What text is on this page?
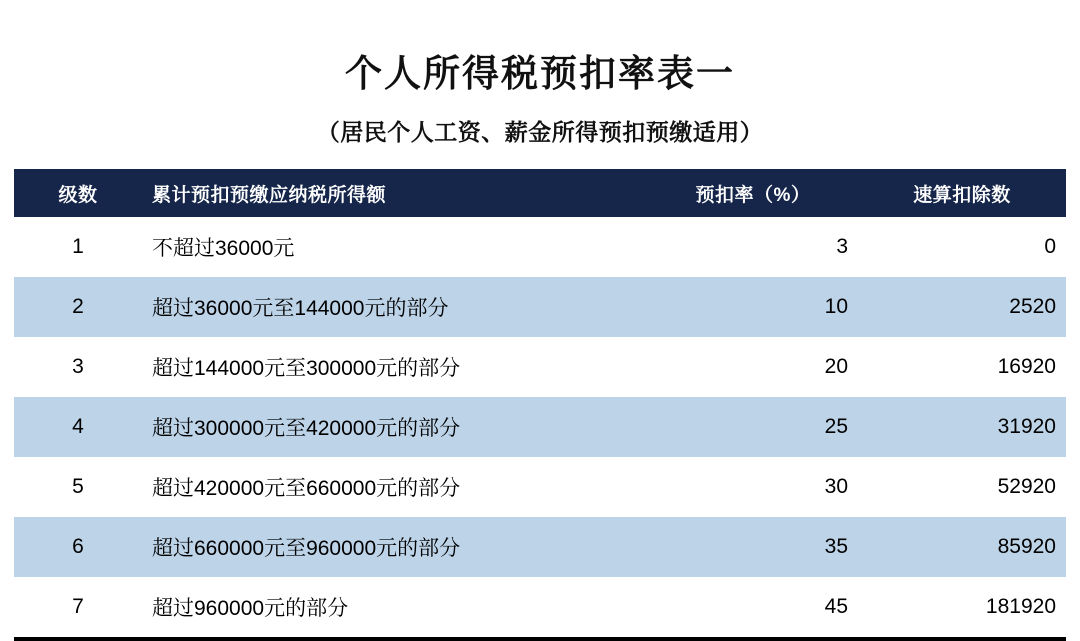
个人所得税预扣率表一
（居民个人工资、薪金所得预扣预缴适用）
级数	累计预扣预缴应纳税所得额	预扣率（%）	速算扣除数
1	不超过36000元	3	0
2	超过36000元至144000元的部分	10	2520
3	超过144000元至300000元的部分	20	16920
4	超过300000元至420000元的部分	25	31920
5	超过420000元至660000元的部分	30	52920
6	超过660000元至960000元的部分	35	85920
7	超过960000元的部分	45	181920
